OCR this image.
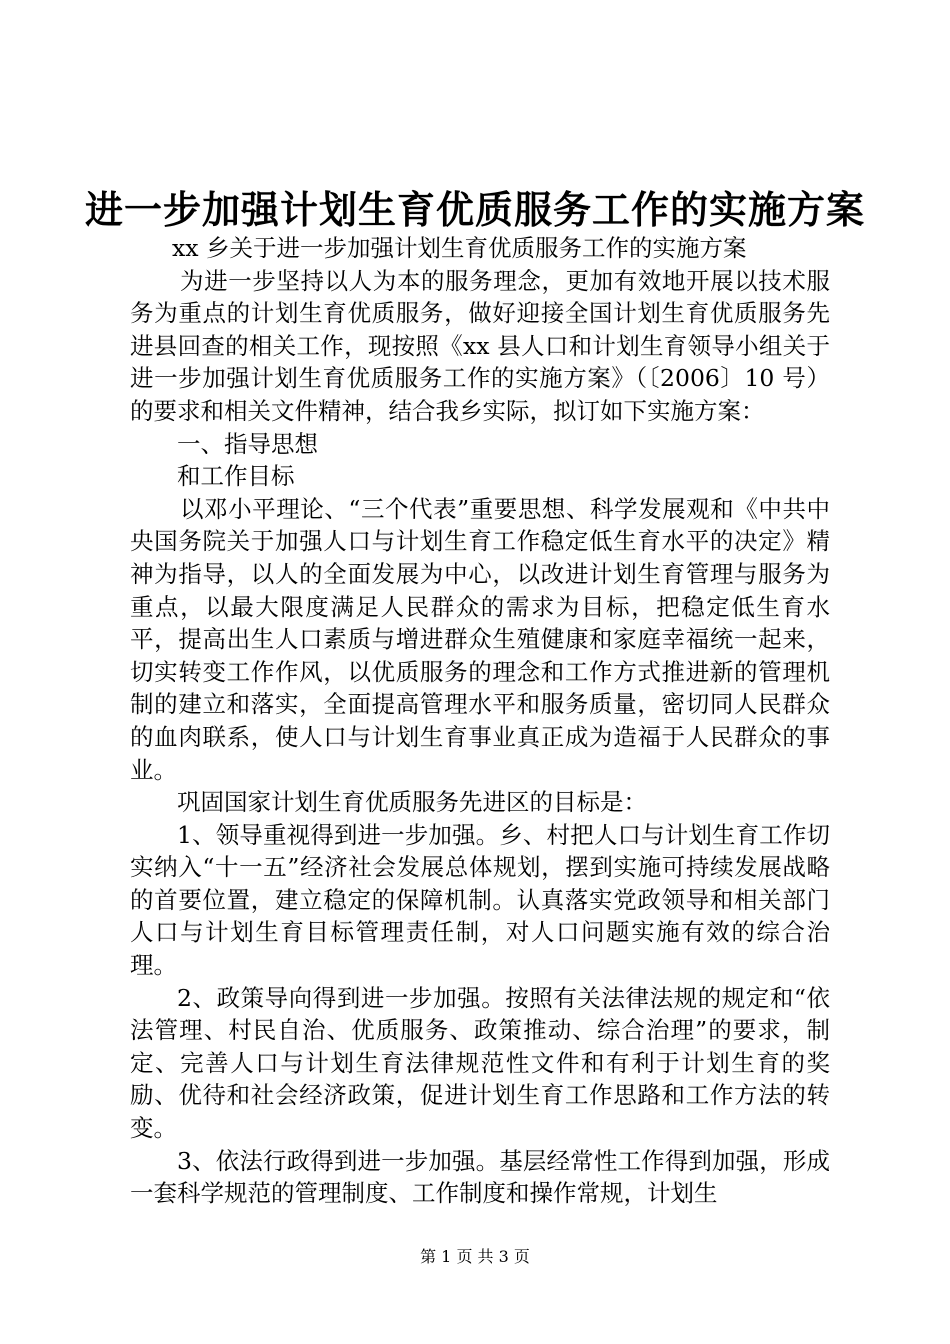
进一步加强计划生育优质服务工作的实施方案

xx 乡关于进一步加强计划生育优质服务工作的实施方案

为进一步坚持以人为本的服务理念，更加有效地开展以技术服务为重点的计划生育优质服务，做好迎接全国计划生育优质服务先进县回查的相关工作，现按照《xx 县人口和计划生育领导小组关于进一步加强计划生育优质服务工作的实施方案》（〔2006〕10 号）的要求和相关文件精神，结合我乡实际，拟订如下实施方案：

一、指导思想

和工作目标

以邓小平理论、“三个代表”重要思想、科学发展观和《中共中央国务院关于加强人口与计划生育工作稳定低生育水平的决定》精神为指导，以人的全面发展为中心，以改进计划生育管理与服务为重点，以最大限度满足人民群众的需求为目标，把稳定低生育水平，提高出生人口素质与增进群众生殖健康和家庭幸福统一起来，切实转变工作作风，以优质服务的理念和工作方式推进新的管理机制的建立和落实，全面提高管理水平和服务质量，密切同人民群众的血肉联系，使人口与计划生育事业真正成为造福于人民群众的事业。

巩固国家计划生育优质服务先进区的目标是：

1、领导重视得到进一步加强。乡、村把人口与计划生育工作切实纳入“十一五”经济社会发展总体规划，摆到实施可持续发展战略的首要位置，建立稳定的保障机制。认真落实党政领导和相关部门人口与计划生育目标管理责任制，对人口问题实施有效的综合治理。

2、政策导向得到进一步加强。按照有关法律法规的规定和“依法管理、村民自治、优质服务、政策推动、综合治理”的要求，制定、完善人口与计划生育法律规范性文件和有利于计划生育的奖励、优待和社会经济政策，促进计划生育工作思路和工作方法的转变。

3、依法行政得到进一步加强。基层经常性工作得到加强，形成一套科学规范的管理制度、工作制度和操作常规，计划生

第 1 页 共 3 页
